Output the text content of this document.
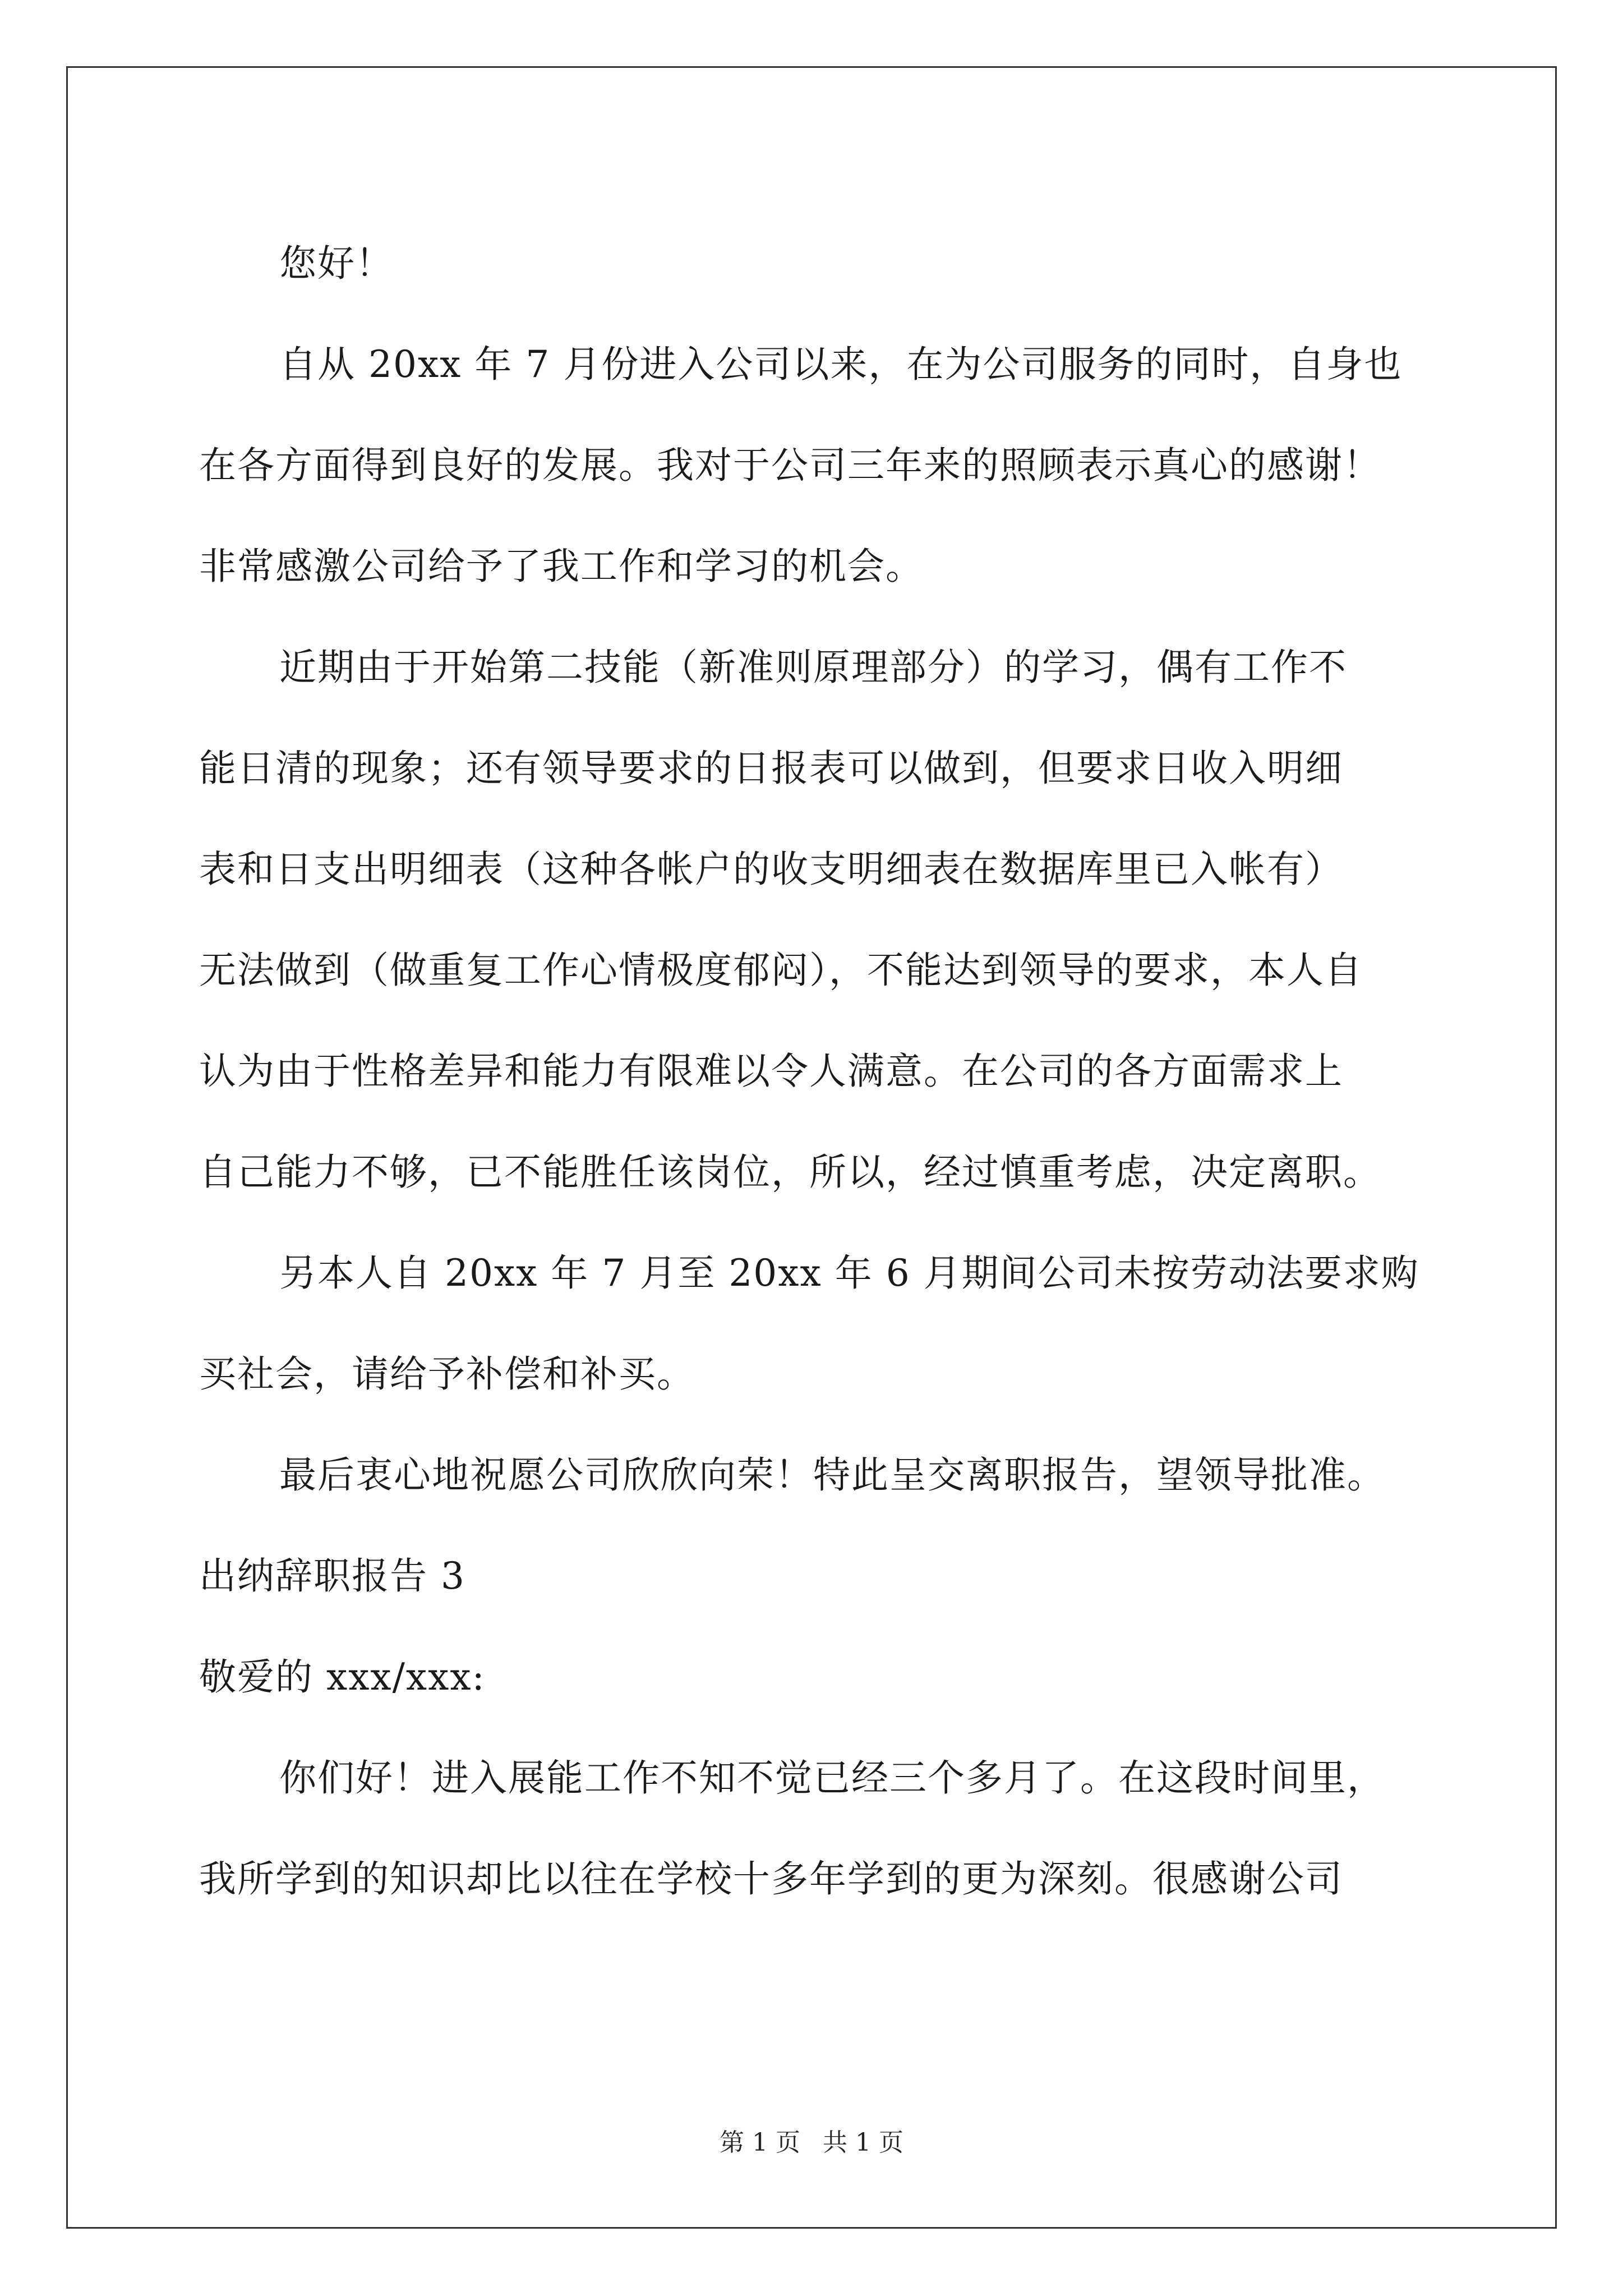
您好！
自从 20xx 年 7 月份进入公司以来，在为公司服务的同时，自身也
在各方面得到良好的发展。我对于公司三年来的照顾表示真心的感谢！
非常感激公司给予了我工作和学习的机会。
近期由于开始第二技能（新准则原理部分）的学习，偶有工作不
能日清的现象；还有领导要求的日报表可以做到，但要求日收入明细
表和日支出明细表（这种各帐户的收支明细表在数据库里已入帐有）
无法做到（做重复工作心情极度郁闷），不能达到领导的要求，本人自
认为由于性格差异和能力有限难以令人满意。在公司的各方面需求上
自己能力不够，已不能胜任该岗位，所以，经过慎重考虑，决定离职。
另本人自 20xx 年 7 月至 20xx 年 6 月期间公司未按劳动法要求购
买社会，请给予补偿和补买。
最后衷心地祝愿公司欣欣向荣！特此呈交离职报告，望领导批准。
出纳辞职报告 3
敬爱的 xxx/xxx:
你们好！进入展能工作不知不觉已经三个多月了。在这段时间里，
我所学到的知识却比以往在学校十多年学到的更为深刻。很感谢公司
第 1 页 共 1 页
